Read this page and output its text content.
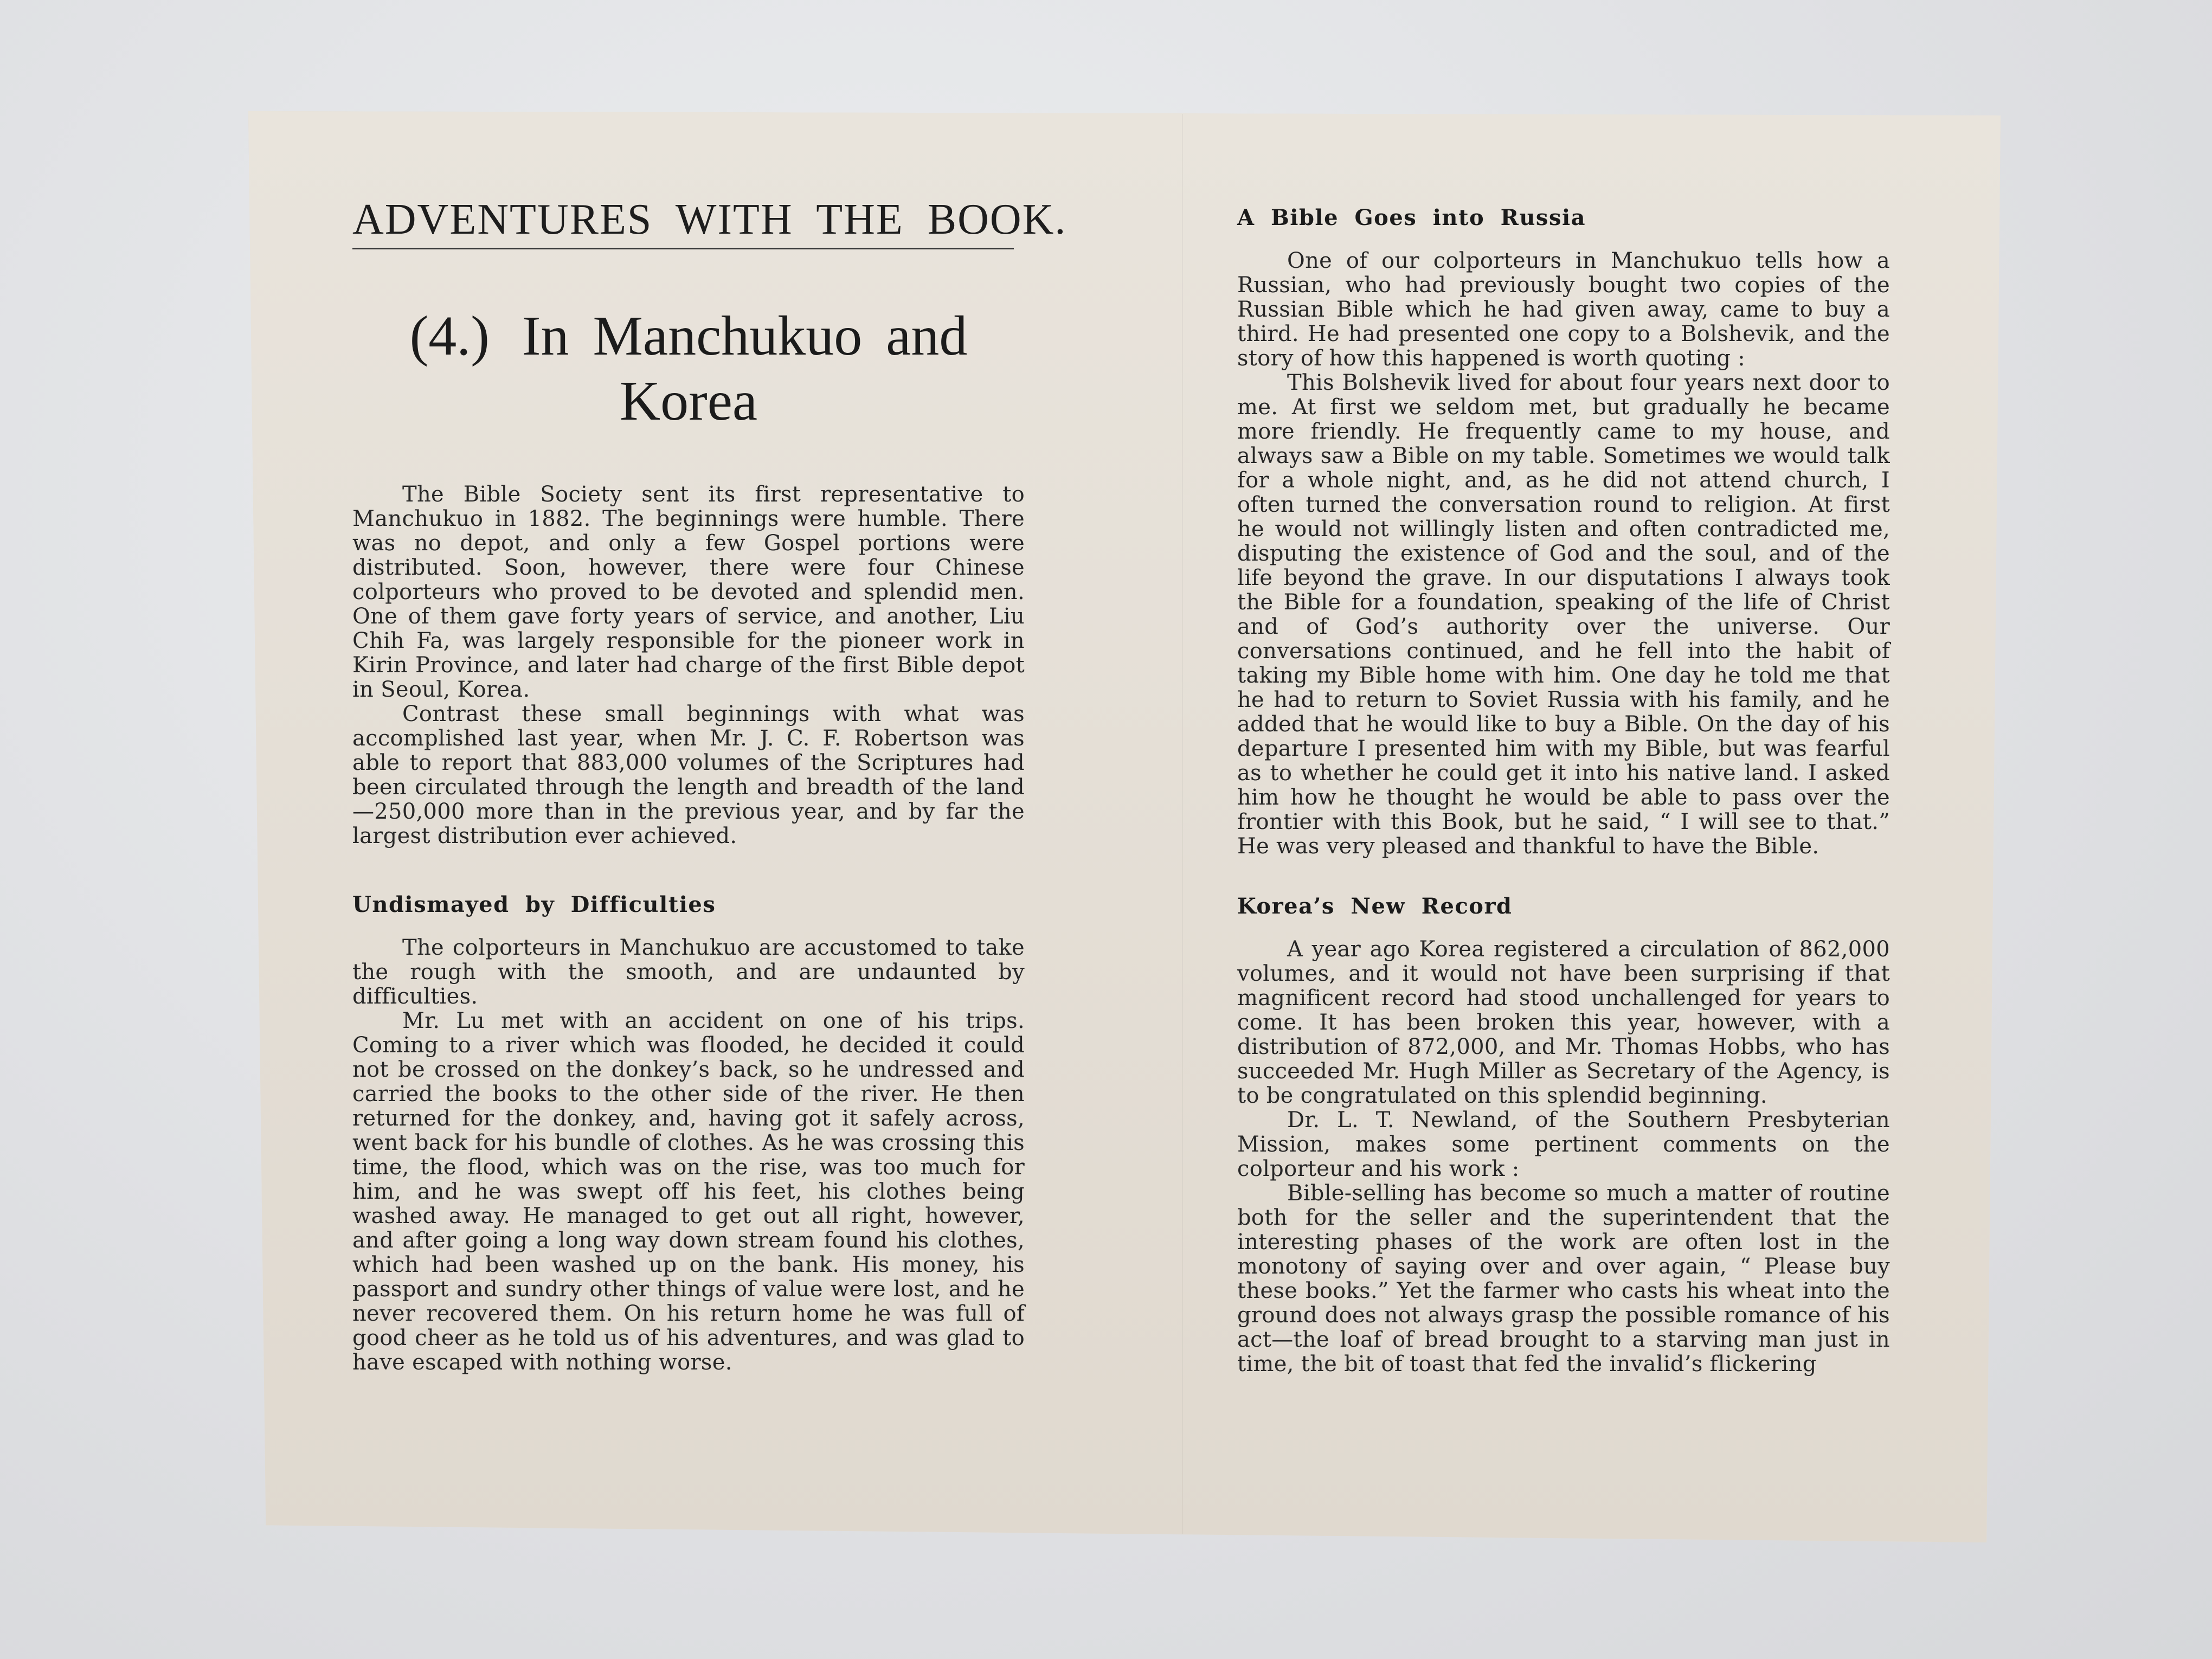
ADVENTURES WITH THE BOOK.
(4.) In Manchukuo and Korea

The Bible Society sent its first representative to Manchukuo in 1882. The beginnings were humble. There was no depot, and only a few Gospel portions were distributed. Soon, however, there were four Chinese colporteurs who proved to be devoted and splendid men. One of them gave forty years of service, and another, Liu Chih Fa, was largely responsible for the pioneer work in Kirin Province, and later had charge of the first Bible depot in Seoul, Korea.

Contrast these small beginnings with what was accomplished last year, when Mr. J. C. F. Robertson was able to report that 883,000 volumes of the Scriptures had been circulated through the length and breadth of the land—250,000 more than in the previous year, and by far the largest distribution ever achieved.

Undismayed by Difficulties

The colporteurs in Manchukuo are accustomed to take the rough with the smooth, and are undaunted by difficulties.

Mr. Lu met with an accident on one of his trips. Coming to a river which was flooded, he decided it could not be crossed on the donkey’s back, so he undressed and carried the books to the other side of the river. He then returned for the donkey, and, having got it safely across, went back for his bundle of clothes. As he was crossing this time, the flood, which was on the rise, was too much for him, and he was swept off his feet, his clothes being washed away. He managed to get out all right, however, and after going a long way down stream found his clothes, which had been washed up on the bank. His money, his passport and sundry other things of value were lost, and he never recovered them. On his return home he was full of good cheer as he told us of his adventures, and was glad to have escaped with nothing worse.

A Bible Goes into Russia

One of our colporteurs in Manchukuo tells how a Russian, who had previously bought two copies of the Russian Bible which he had given away, came to buy a third. He had presented one copy to a Bolshevik, and the story of how this happened is worth quoting :

This Bolshevik lived for about four years next door to me. At first we seldom met, but gradually he became more friendly. He frequently came to my house, and always saw a Bible on my table. Sometimes we would talk for a whole night, and, as he did not attend church, I often turned the conversation round to religion. At first he would not willingly listen and often contradicted me, disputing the existence of God and the soul, and of the life beyond the grave. In our disputations I always took the Bible for a foundation, speaking of the life of Christ and of God’s authority over the universe. Our conversations continued, and he fell into the habit of taking my Bible home with him. One day he told me that he had to return to Soviet Russia with his family, and he added that he would like to buy a Bible. On the day of his departure I presented him with my Bible, but was fearful as to whether he could get it into his native land. I asked him how he thought he would be able to pass over the frontier with this Book, but he said, “ I will see to that.” He was very pleased and thankful to have the Bible.

Korea’s New Record

A year ago Korea registered a circulation of 862,000 volumes, and it would not have been surprising if that magnificent record had stood unchallenged for years to come. It has been broken this year, however, with a distribution of 872,000, and Mr. Thomas Hobbs, who has succeeded Mr. Hugh Miller as Secretary of the Agency, is to be congratulated on this splendid beginning.

Dr. L. T. Newland, of the Southern Presbyterian Mission, makes some pertinent comments on the colporteur and his work :

Bible-selling has become so much a matter of routine both for the seller and the superintendent that the interesting phases of the work are often lost in the monotony of saying over and over again, “ Please buy these books.” Yet the farmer who casts his wheat into the ground does not always grasp the possible romance of his act—the loaf of bread brought to a starving man just in time, the bit of toast that fed the invalid’s flickering
